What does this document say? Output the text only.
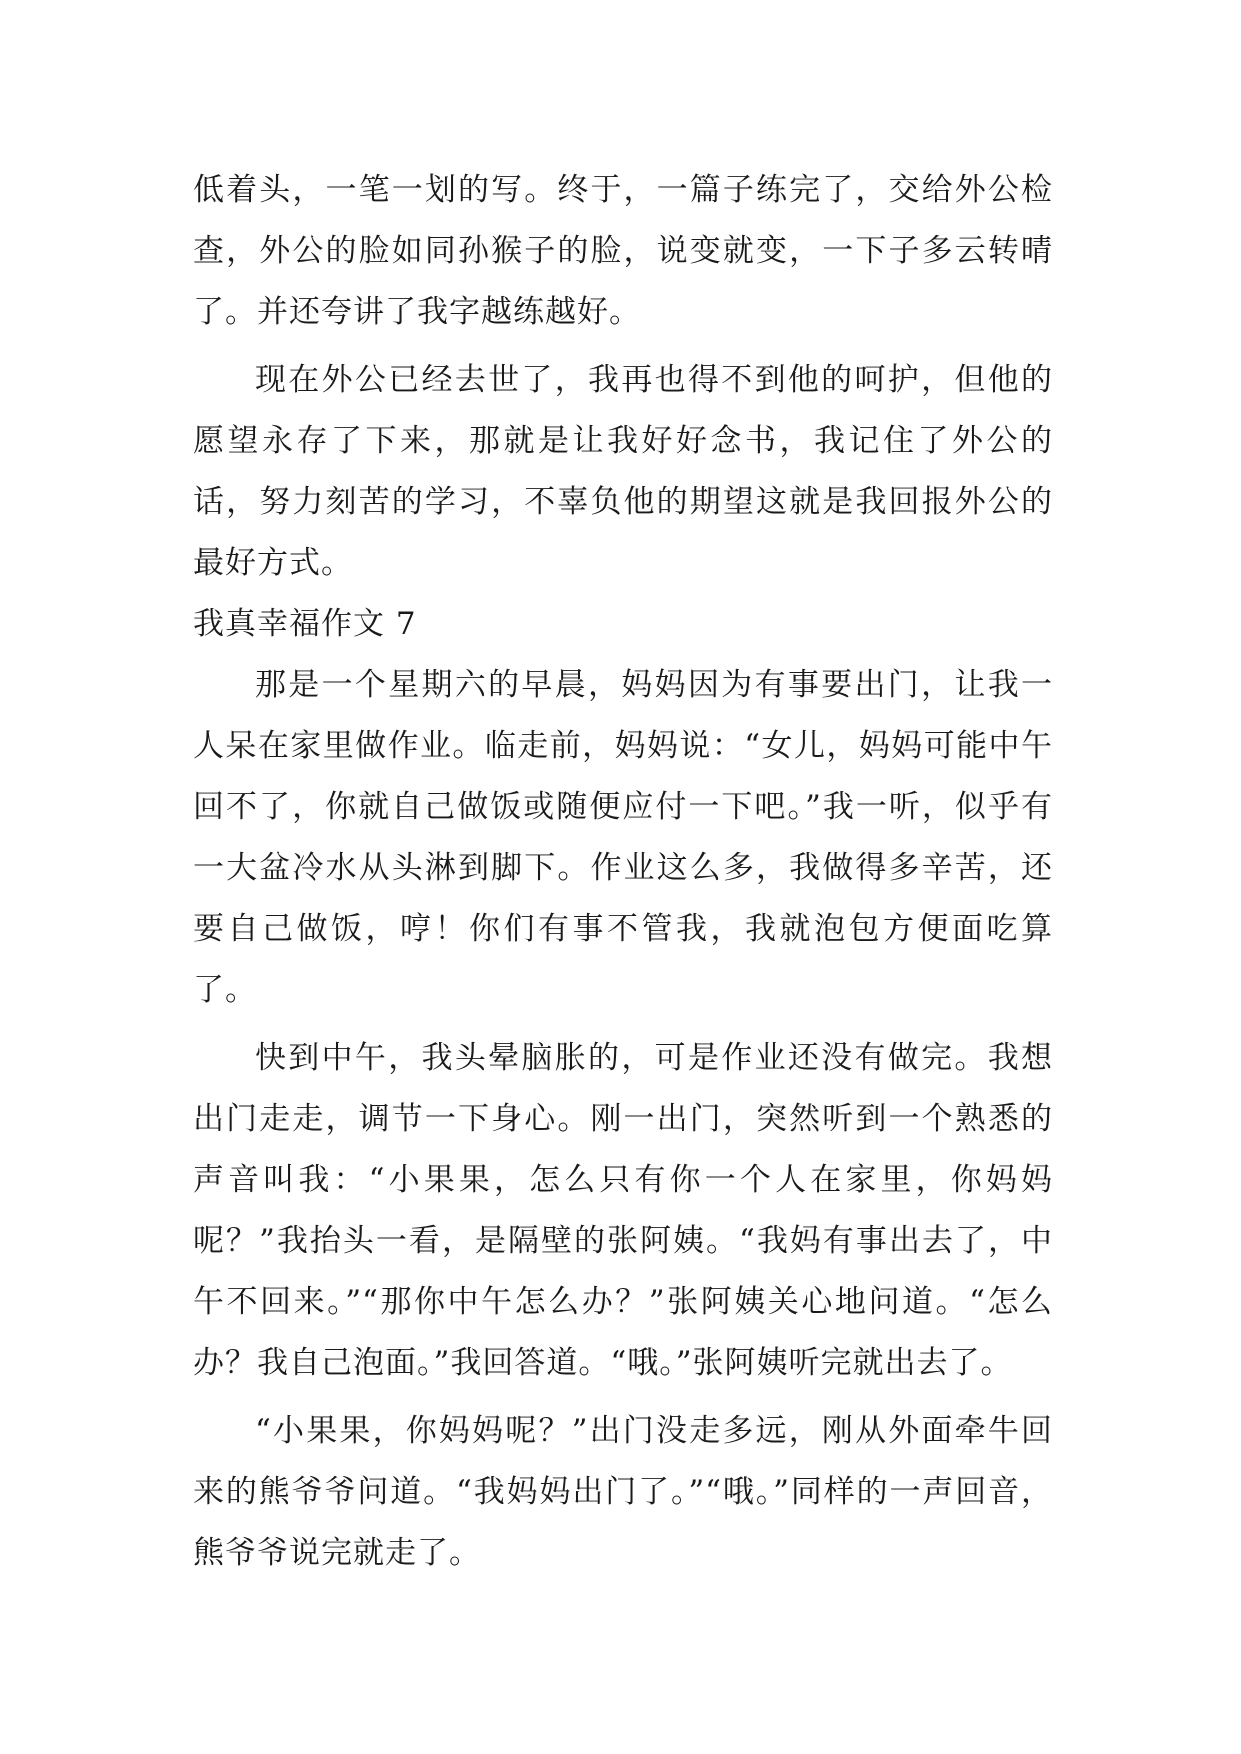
低着头，一笔一划的写。终于，一篇子练完了，交给外公检查，外公的脸如同孙猴子的脸，说变就变，一下子多云转晴了。并还夸讲了我字越练越好。

现在外公已经去世了，我再也得不到他的呵护，但他的愿望永存了下来，那就是让我好好念书，我记住了外公的话，努力刻苦的学习，不辜负他的期望这就是我回报外公的最好方式。

我真幸福作文 7

那是一个星期六的早晨，妈妈因为有事要出门，让我一人呆在家里做作业。临走前，妈妈说：“女儿，妈妈可能中午回不了，你就自己做饭或随便应付一下吧。”我一听，似乎有一大盆冷水从头淋到脚下。作业这么多，我做得多辛苦，还要自己做饭，哼！你们有事不管我，我就泡包方便面吃算了。

快到中午，我头晕脑胀的，可是作业还没有做完。我想出门走走，调节一下身心。刚一出门，突然听到一个熟悉的声音叫我：“小果果，怎么只有你一个人在家里，你妈妈呢？”我抬头一看，是隔壁的张阿姨。“我妈有事出去了，中午不回来。”“那你中午怎么办？”张阿姨关心地问道。“怎么办？我自己泡面。”我回答道。“哦。”张阿姨听完就出去了。

“小果果，你妈妈呢？”出门没走多远，刚从外面牵牛回来的熊爷爷问道。“我妈妈出门了。”“哦。”同样的一声回音，熊爷爷说完就走了。
